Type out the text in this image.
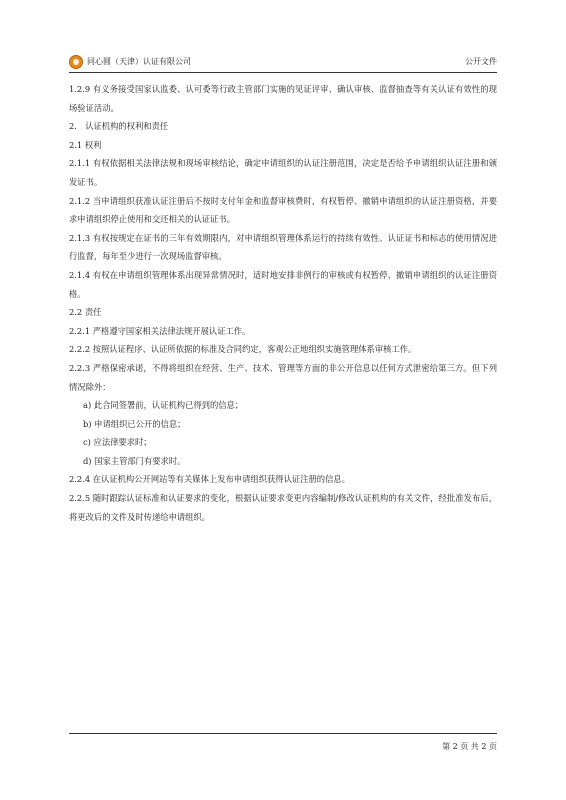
同心圆（天津）认证有限公司	公开文件

1.2.9 有义务接受国家认监委、认可委等行政主管部门实施的见证评审、确认审核、监督抽查等有关认证有效性的现场验证活动。

2.　认证机构的权利和责任

2.1 权利

2.1.1 有权依据相关法律法规和现场审核结论，确定申请组织的认证注册范围，决定是否给予申请组织认证注册和颁发证书。

2.1.2 当申请组织获准认证注册后不按时支付年金和监督审核费时，有权暂停、撤销申请组织的认证注册资格，并要求申请组织停止使用和交还相关的认证证书。

2.1.3 有权按规定在证书的三年有效期限内，对申请组织管理体系运行的持续有效性、认证证书和标志的使用情况进行监督，每年至少进行一次现场监督审核。

2.1.4 有权在申请组织管理体系出现异常情况时，适时地安排非例行的审核或有权暂停、撤销申请组织的认证注册资格。

2.2 责任

2.2.1 严格遵守国家相关法律法规开展认证工作。

2.2.2 按照认证程序、认证所依据的标准及合同约定，客观公正地组织实施管理体系审核工作。

2.2.3 严格保密承诺，不得将组织在经营、生产、技术、管理等方面的非公开信息以任何方式泄密给第三方。但下列情况除外：

a) 此合同签署前，认证机构已得到的信息；

b) 申请组织已公开的信息；

c) 应法律要求时；

d) 国家主管部门有要求时。

2.2.4 在认证机构公开网站等有关媒体上发布申请组织获得认证注册的信息。

2.2.5 随时跟踪认证标准和认证要求的变化，根据认证要求变更内容编制/修改认证机构的有关文件，经批准发布后，将更改后的文件及时传递给申请组织。

第 2 页 共 2 页
